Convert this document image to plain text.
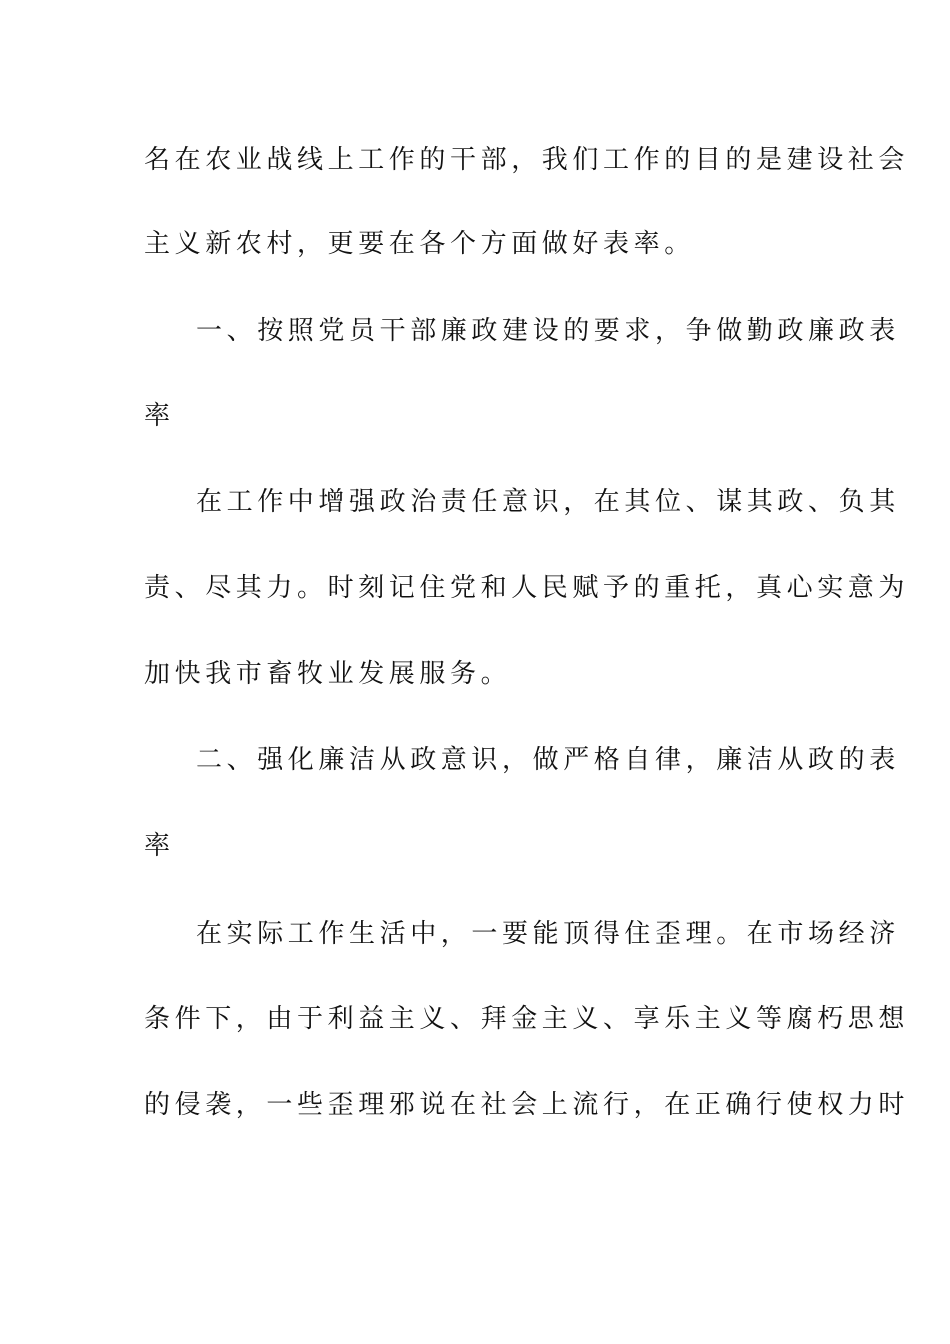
名在农业战线上工作的干部，我们工作的目的是建设社会
主义新农村，更要在各个方面做好表率。
一、按照党员干部廉政建设的要求，争做勤政廉政表
率
在工作中增强政治责任意识，在其位、谋其政、负其
责、尽其力。时刻记住党和人民赋予的重托，真心实意为
加快我市畜牧业发展服务。
二、强化廉洁从政意识，做严格自律，廉洁从政的表
率
在实际工作生活中，一要能顶得住歪理。在市场经济
条件下，由于利益主义、拜金主义、享乐主义等腐朽思想
的侵袭，一些歪理邪说在社会上流行，在正确行使权力时
